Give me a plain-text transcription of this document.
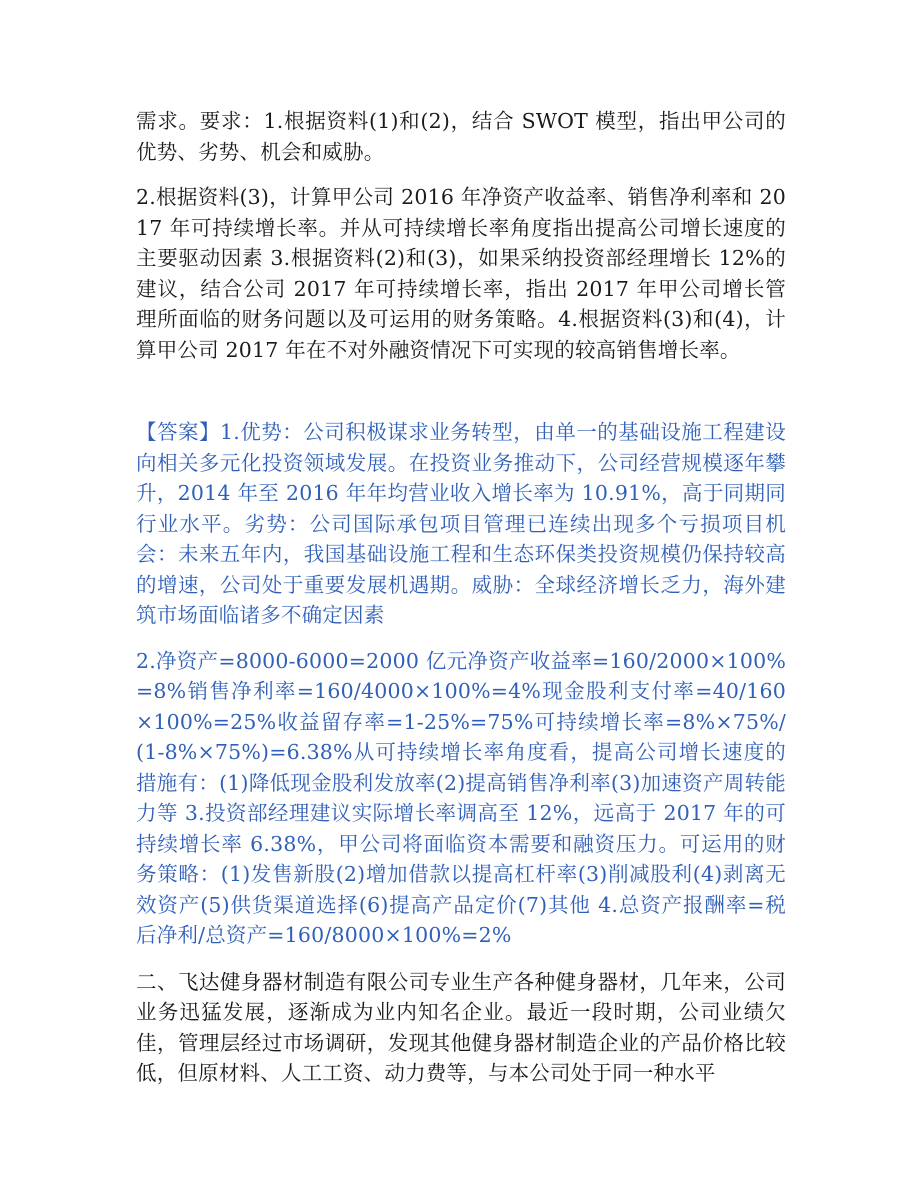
需求。要求：1.根据资料(1)和(2)，结合 SWOT 模型，指出甲公司的优势、劣势、机会和威胁。

2.根据资料(3)，计算甲公司 2016 年净资产收益率、销售净利率和 2017 年可持续增长率。并从可持续增长率角度指出提高公司增长速度的主要驱动因素 3.根据资料(2)和(3)，如果采纳投资部经理增长 12%的建议，结合公司 2017 年可持续增长率，指出 2017 年甲公司增长管理所面临的财务问题以及可运用的财务策略。4.根据资料(3)和(4)，计算甲公司 2017 年在不对外融资情况下可实现的较高销售增长率。

【答案】1.优势：公司积极谋求业务转型，由单一的基础设施工程建设向相关多元化投资领域发展。在投资业务推动下，公司经营规模逐年攀升，2014 年至 2016 年年均营业收入增长率为 10.91%，高于同期同行业水平。劣势：公司国际承包项目管理已连续出现多个亏损项目机会：未来五年内，我国基础设施工程和生态环保类投资规模仍保持较高的增速，公司处于重要发展机遇期。威胁：全球经济增长乏力，海外建筑市场面临诸多不确定因素

2.净资产=8000-6000=2000 亿元净资产收益率=160/2000×100%=8%销售净利率=160/4000×100%=4%现金股利支付率=40/160×100%=25%收益留存率=1-25%=75%可持续增长率=8%×75%/(1-8%×75%)=6.38%从可持续增长率角度看，提高公司增长速度的措施有：(1)降低现金股利发放率(2)提高销售净利率(3)加速资产周转能力等 3.投资部经理建议实际增长率调高至 12%，远高于 2017 年的可持续增长率 6.38%，甲公司将面临资本需要和融资压力。可运用的财务策略：(1)发售新股(2)增加借款以提高杠杆率(3)削减股利(4)剥离无效资产(5)供货渠道选择(6)提高产品定价(7)其他 4.总资产报酬率=税后净利/总资产=160/8000×100%=2%

二、飞达健身器材制造有限公司专业生产各种健身器材，几年来，公司业务迅猛发展，逐渐成为业内知名企业。最近一段时期，公司业绩欠佳，管理层经过市场调研，发现其他健身器材制造企业的产品价格比较低，但原材料、人工工资、动力费等，与本公司处于同一种水平
